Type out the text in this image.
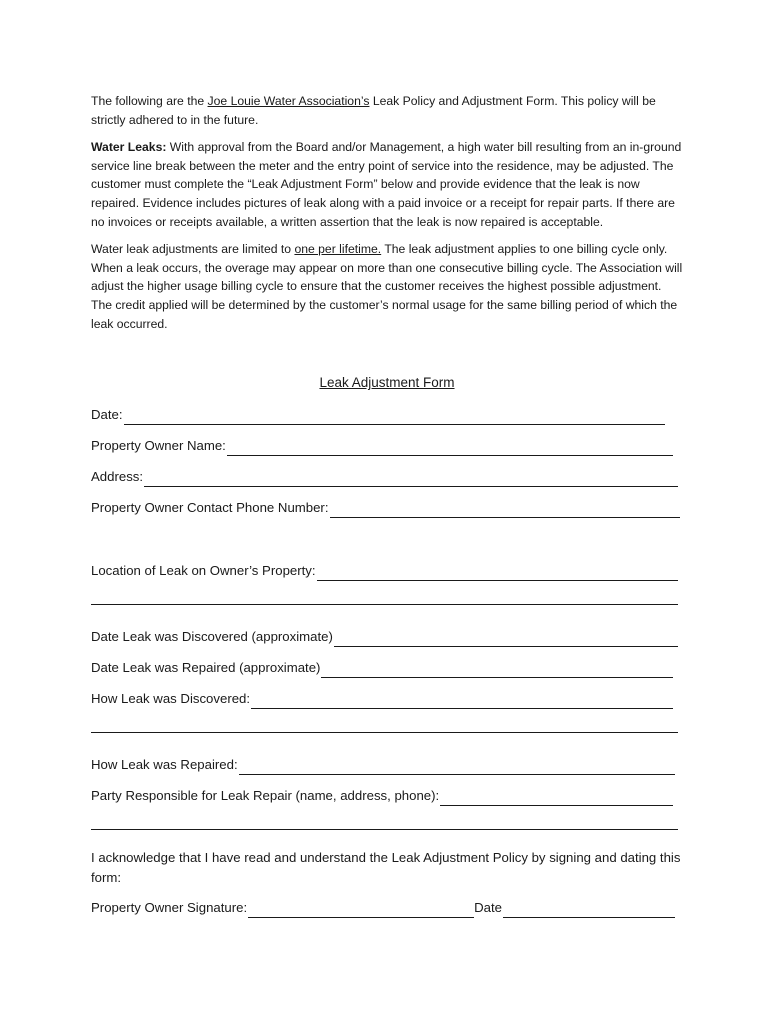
The following are the Joe Louie Water Association’s Leak Policy and Adjustment Form. This policy will be strictly adhered to in the future.

Water Leaks: With approval from the Board and/or Management, a high water bill resulting from an in-ground service line break between the meter and the entry point of service into the residence, may be adjusted. The customer must complete the “Leak Adjustment Form” below and provide evidence that the leak is now repaired. Evidence includes pictures of leak along with a paid invoice or a receipt for repair parts. If there are no invoices or receipts available, a written assertion that the leak is now repaired is acceptable.

Water leak adjustments are limited to one per lifetime. The leak adjustment applies to one billing cycle only. When a leak occurs, the overage may appear on more than one consecutive billing cycle. The Association will adjust the higher usage billing cycle to ensure that the customer receives the highest possible adjustment. The credit applied will be determined by the customer’s normal usage for the same billing period of which the leak occurred.

Leak Adjustment Form
Date:
Property Owner Name:
Address:
Property Owner Contact Phone Number:
Location of Leak on Owner’s Property:
Date Leak was Discovered (approximate)
Date Leak was Repaired (approximate)
How Leak was Discovered:
How Leak was Repaired:
Party Responsible for Leak Repair (name, address, phone):

I acknowledge that I have read and understand the Leak Adjustment Policy by signing and dating this form:

Property Owner Signature:	Date
